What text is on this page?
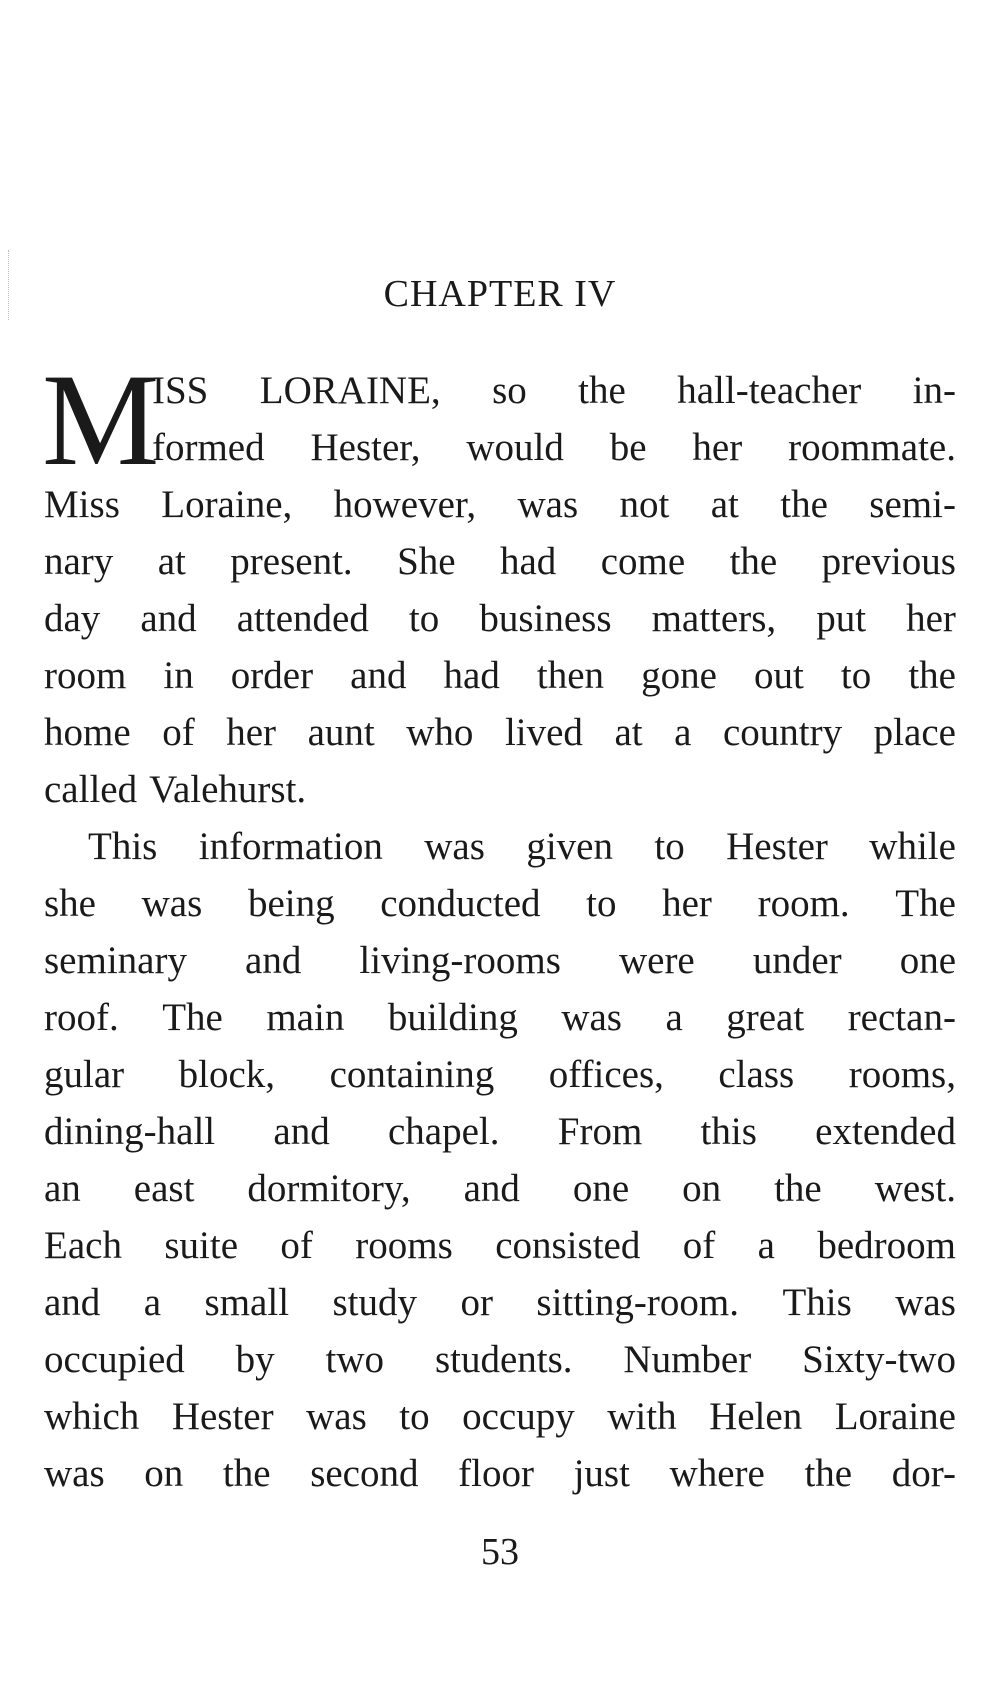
CHAPTER IV
M
ISS LORAINE, so the hall-teacher in-
formed Hester, would be her roommate.
Miss Loraine, however, was not at the semi-
nary at present. She had come the previous
day and attended to business matters, put her
room in order and had then gone out to the
home of her aunt who lived at a country place
called Valehurst.
This information was given to Hester while
she was being conducted to her room. The
seminary and living-rooms were under one
roof. The main building was a great rectan-
gular block, containing offices, class rooms,
dining-hall and chapel. From this extended
an east dormitory, and one on the west.
Each suite of rooms consisted of a bedroom
and a small study or sitting-room. This was
occupied by two students. Number Sixty-two
which Hester was to occupy with Helen Loraine
was on the second floor just where the dor-
53
